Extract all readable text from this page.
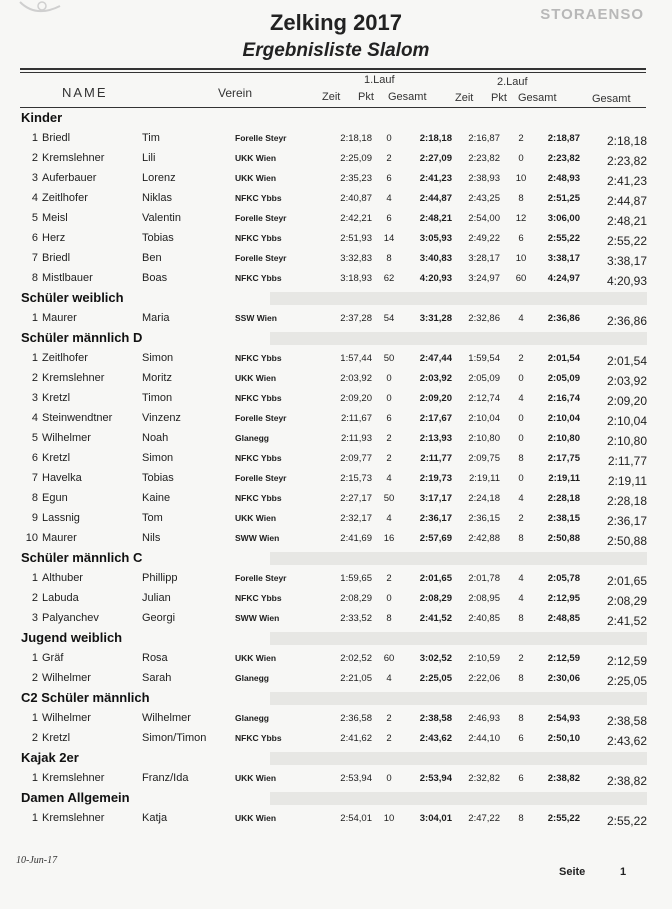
STORAENSO
Zelking 2017
Ergebnisliste Slalom
NAME	Verein
1.Lauf	2.Lauf
Zeit Pkt Gesamt	Zeit Pkt Gesamt	Gesamt
Kinder
1 Briedl	Tim	Forelle Steyr	2:18,18	0	2:18,18	2:16,87	2	2:18,87	2:18,18
2 Kremslehner	Lili	UKK Wien	2:25,09	2	2:27,09	2:23,82	0	2:23,82	2:23,82
3 Auferbauer	Lorenz	UKK Wien	2:35,23	6	2:41,23	2:38,93	10	2:48,93	2:41,23
4 Zeitlhofer	Niklas	NFKC Ybbs	2:40,87	4	2:44,87	2:43,25	8	2:51,25	2:44,87
5 Meisl	Valentin	Forelle Steyr	2:42,21	6	2:48,21	2:54,00	12	3:06,00	2:48,21
6 Herz	Tobias	NFKC Ybbs	2:51,93	14	3:05,93	2:49,22	6	2:55,22	2:55,22
7 Briedl	Ben	Forelle Steyr	3:32,83	8	3:40,83	3:28,17	10	3:38,17	3:38,17
8 Mistlbauer	Boas	NFKC Ybbs	3:18,93	62	4:20,93	3:24,97	60	4:24,97	4:20,93
Schüler weiblich
1 Maurer	Maria	SSW Wien	2:37,28	54	3:31,28	2:32,86	4	2:36,86	2:36,86
Schüler männlich D
1 Zeitlhofer	Simon	NFKC Ybbs	1:57,44	50	2:47,44	1:59,54	2	2:01,54	2:01,54
2 Kremslehner	Moritz	UKK Wien	2:03,92	0	2:03,92	2:05,09	0	2:05,09	2:03,92
3 Kretzl	Timon	NFKC Ybbs	2:09,20	0	2:09,20	2:12,74	4	2:16,74	2:09,20
4 Steinwendtner	Vinzenz	Forelle Steyr	2:11,67	6	2:17,67	2:10,04	0	2:10,04	2:10,04
5 Wilhelmer	Noah	Glanegg	2:11,93	2	2:13,93	2:10,80	0	2:10,80	2:10,80
6 Kretzl	Simon	NFKC Ybbs	2:09,77	2	2:11,77	2:09,75	8	2:17,75	2:11,77
7 Havelka	Tobias	Forelle Steyr	2:15,73	4	2:19,73	2:19,11	0	2:19,11	2:19,11
8 Egun	Kaine	NFKC Ybbs	2:27,17	50	3:17,17	2:24,18	4	2:28,18	2:28,18
9 Lassnig	Tom	UKK Wien	2:32,17	4	2:36,17	2:36,15	2	2:38,15	2:36,17
10 Maurer	Nils	SWW Wien	2:41,69	16	2:57,69	2:42,88	8	2:50,88	2:50,88
Schüler männlich C
1 Althuber	Phillipp	Forelle Steyr	1:59,65	2	2:01,65	2:01,78	4	2:05,78	2:01,65
2 Labuda	Julian	NFKC Ybbs	2:08,29	0	2:08,29	2:08,95	4	2:12,95	2:08,29
3 Palyanchev	Georgi	SWW Wien	2:33,52	8	2:41,52	2:40,85	8	2:48,85	2:41,52
Jugend weiblich
1 Gräf	Rosa	UKK Wien	2:02,52	60	3:02,52	2:10,59	2	2:12,59	2:12,59
2 Wilhelmer	Sarah	Glanegg	2:21,05	4	2:25,05	2:22,06	8	2:30,06	2:25,05
C2 Schüler männlich
1 Wilhelmer	Wilhelmer	Glanegg	2:36,58	2	2:38,58	2:46,93	8	2:54,93	2:38,58
2 Kretzl	Simon/Timon	NFKC Ybbs	2:41,62	2	2:43,62	2:44,10	6	2:50,10	2:43,62
Kajak 2er
1 Kremslehner	Franz/Ida	UKK Wien	2:53,94	0	2:53,94	2:32,82	6	2:38,82	2:38,82
Damen Allgemein
1 Kremslehner	Katja	UKK Wien	2:54,01	10	3:04,01	2:47,22	8	2:55,22	2:55,22
10-Jun-17
Seite	1
